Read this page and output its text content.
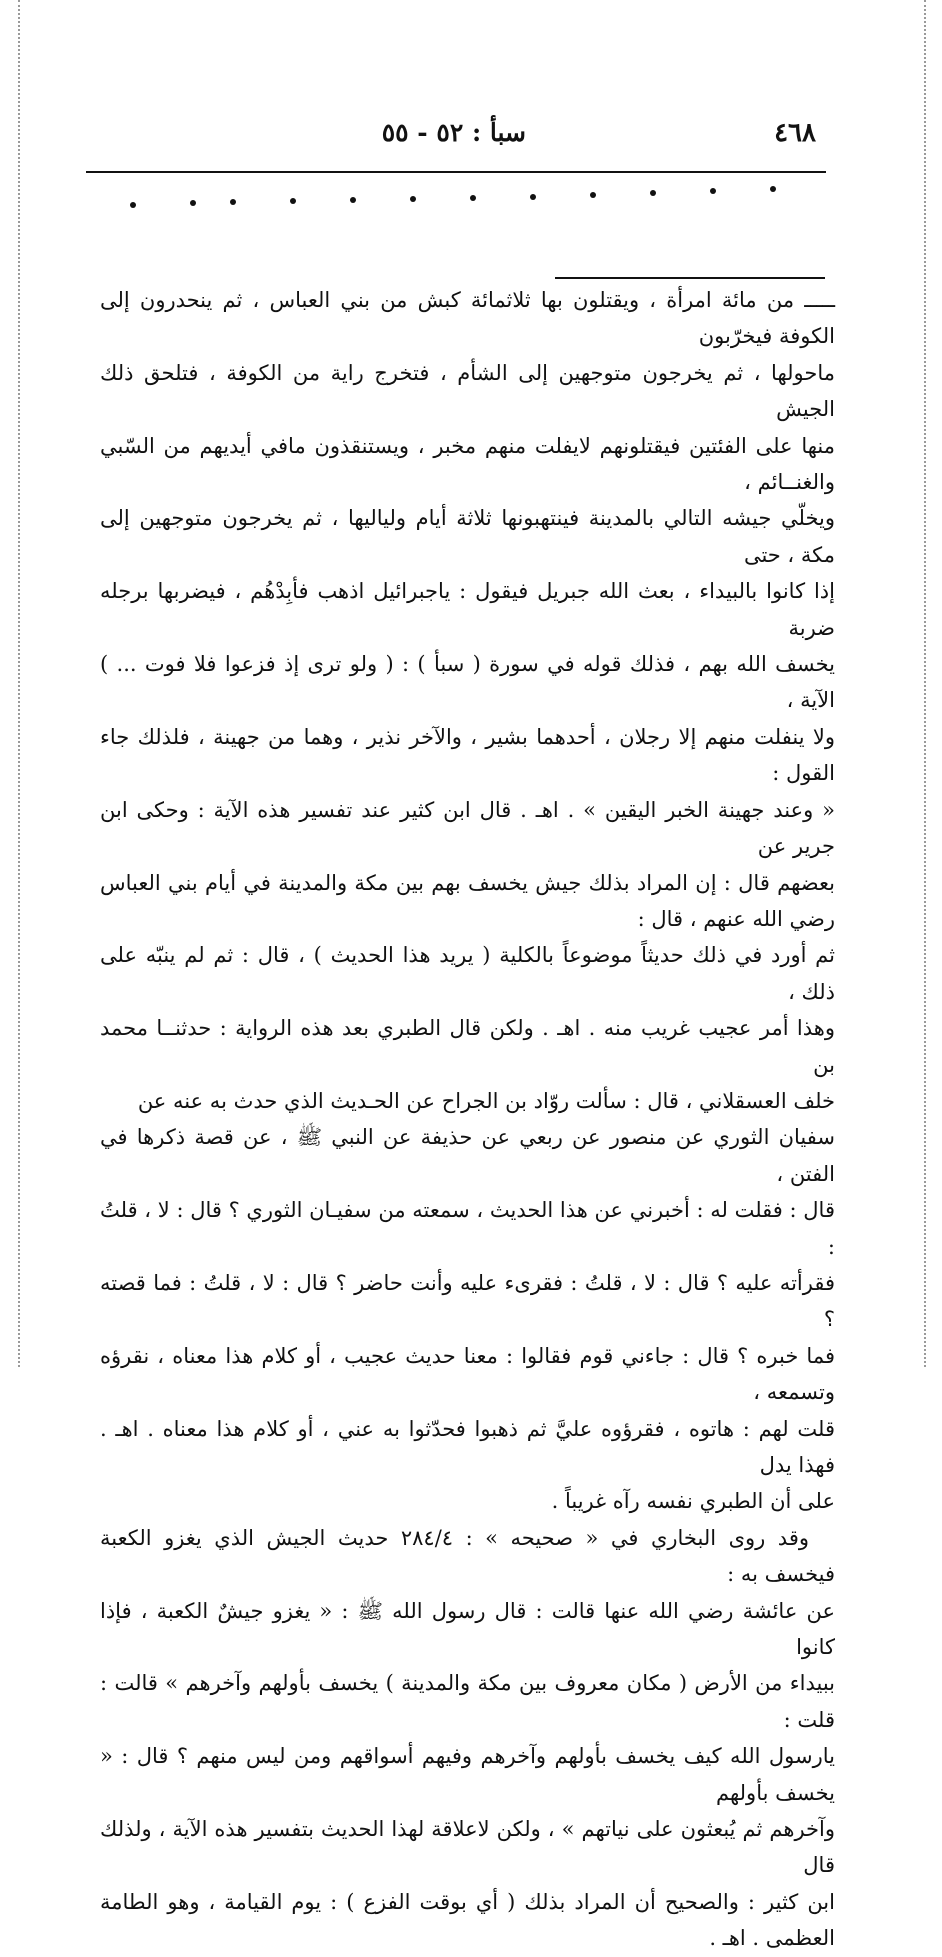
٤٦٨
سبأ : ٥٢ - ٥٥

ـــــ من مائة امرأة ، ويقتلون بها ثلاثمائة كبش من بني العباس ، ثم ينحدرون إلى الكوفة فيخرّبون
ماحولها ، ثم يخرجون متوجهين إلى الشأم ، فتخرج راية من الكوفة ، فتلحق ذلك الجيش
منها على الفئتين فيقتلونهم لايفلت منهم مخبر ، ويستنقذون مافي أيديهم من السّبي والغنــائم ،
ويخلّي جيشه التالي بالمدينة فينتهبونها ثلاثة أيام ولياليها ، ثم يخرجون متوجهين إلى مكة ، حتى
إذا كانوا بالبيداء ، بعث الله جبريل فيقول : ياجبرائيل اذهب فأبِدْهُم ، فيضربها برجله ضربة
يخسف الله بهم ، فذلك قوله في سورة ( سبأ ) : ( ولو ترى إذ فزعوا فلا فوت ... ) الآية ،
ولا ينفلت منهم إلا رجلان ، أحدهما بشير ، والآخر نذير ، وهما من جهينة ، فلذلك جاء القول :
« وعند جهينة الخبر اليقين » . اهـ . قال ابن كثير عند تفسير هذه الآية : وحكى ابن جرير عن
بعضهم قال : إن المراد بذلك جيش يخسف بهم بين مكة والمدينة في أيام بني العباس رضي الله عنهم ، قال :
ثم أورد في ذلك حديثاً موضوعاً بالكلية ( يريد هذا الحديث ) ، قال : ثم لم ينبّه على ذلك ،
وهذا أمر عجيب غريب منه . اهـ . ولكن قال الطبري بعد هذه الرواية : حدثنــا محمد بن
خلف العسقلاني ، قال : سألت روّاد بن الجراح عن الحـديث الذي حدث به عنه عن
سفيان الثوري عن منصور عن ربعي عن حذيفة عن النبي ﷺ ، عن قصة ذكرها في الفتن ،
قال : فقلت له : أخبرني عن هذا الحديث ، سمعته من سفيـان الثوري ؟ قال : لا ، قلتُ :
فقرأته عليه ؟ قال : لا ، قلتُ : فقرىء عليه وأنت حاضر ؟ قال : لا ، قلتُ : فما قصته ؟
فما خبره ؟ قال : جاءني قوم فقالوا : معنا حديث عجيب ، أو كلام هذا معناه ، نقرؤه وتسمعه ،
قلت لهم : هاتوه ، فقرؤوه عليَّ ثم ذهبوا فحدّثوا به عني ، أو كلام هذا معناه . اهـ . فهذا يدل
على أن الطبري نفسه رآه غريباً .

وقد روى البخاري في « صحيحه » : ٢٨٤/٤ حديث الجيش الذي يغزو الكعبة فيخسف به :
عن عائشة رضي الله عنها قالت : قال رسول الله ﷺ : « يغزو جيشٌ الكعبة ، فإذا كانوا
ببيداء من الأرض ( مكان معروف بين مكة والمدينة ) يخسف بأولهم وآخرهم » قالت : قلت :
يارسول الله كيف يخسف بأولهم وآخرهم وفيهم أسواقهم ومن ليس منهم ؟ قال : « يخسف بأولهم
وآخرهم ثم يُبعثون على نياتهم » ، ولكن لاعلاقة لهذا الحديث بتفسير هذه الآية ، ولذلك قال
ابن كثير : والصحيح أن المراد بذلك ( أي بوقت الفزع ) : يوم القيامة ، وهو الطامة العظمى . اهـ .
